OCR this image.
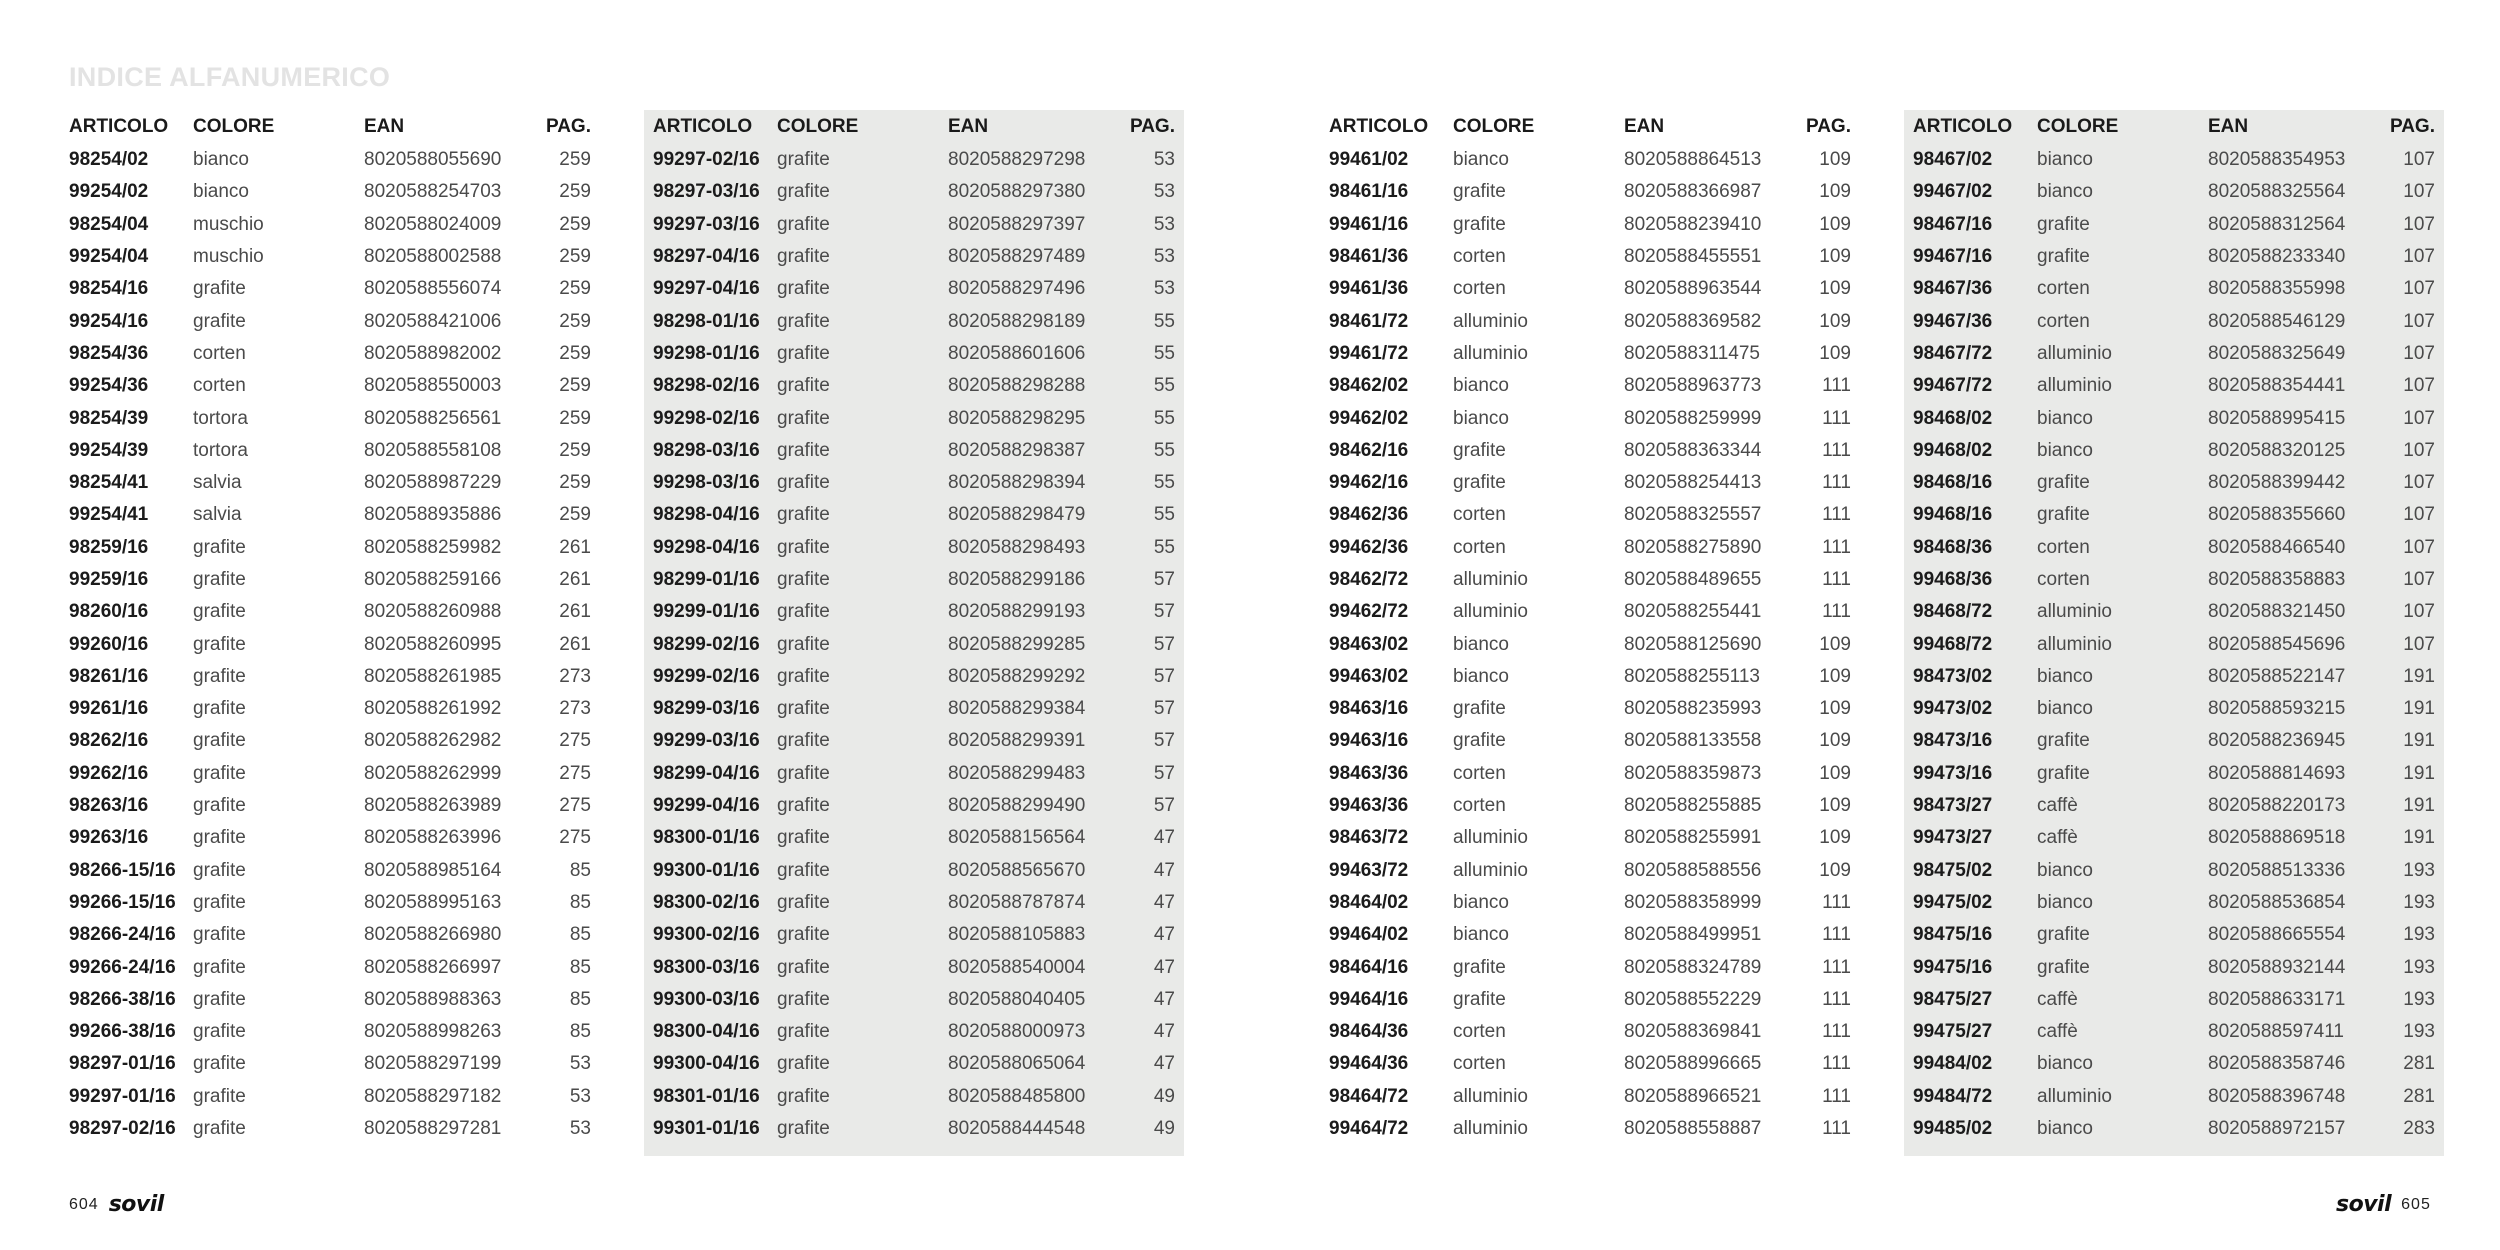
INDICE ALFANUMERICO
ARTICOLO	COLORE	EAN	PAG.
98254/02	bianco	8020588055690	259
99254/02	bianco	8020588254703	259
98254/04	muschio	8020588024009	259
99254/04	muschio	8020588002588	259
98254/16	grafite	8020588556074	259
99254/16	grafite	8020588421006	259
98254/36	corten	8020588982002	259
99254/36	corten	8020588550003	259
98254/39	tortora	8020588256561	259
99254/39	tortora	8020588558108	259
98254/41	salvia	8020588987229	259
99254/41	salvia	8020588935886	259
98259/16	grafite	8020588259982	261
99259/16	grafite	8020588259166	261
98260/16	grafite	8020588260988	261
99260/16	grafite	8020588260995	261
98261/16	grafite	8020588261985	273
99261/16	grafite	8020588261992	273
98262/16	grafite	8020588262982	275
99262/16	grafite	8020588262999	275
98263/16	grafite	8020588263989	275
99263/16	grafite	8020588263996	275
98266-15/16 grafite	8020588985164	85
99266-15/16 grafite	8020588995163	85
98266-24/16 grafite	8020588266980	85
99266-24/16 grafite	8020588266997	85
98266-38/16 grafite	8020588988363	85
99266-38/16 grafite	8020588998263	85
98297-01/16 grafite	8020588297199	53
99297-01/16 grafite	8020588297182	53
98297-02/16 grafite	8020588297281	53
ARTICOLO	COLORE	EAN	PAG.
99297-02/16 grafite	8020588297298	53
98297-03/16 grafite	8020588297380	53
99297-03/16 grafite	8020588297397	53
98297-04/16 grafite	8020588297489	53
99297-04/16 grafite	8020588297496	53
98298-01/16 grafite	8020588298189	55
99298-01/16 grafite	8020588601606	55
98298-02/16 grafite	8020588298288	55
99298-02/16 grafite	8020588298295	55
98298-03/16 grafite	8020588298387	55
99298-03/16 grafite	8020588298394	55
98298-04/16 grafite	8020588298479	55
99298-04/16 grafite	8020588298493	55
98299-01/16 grafite	8020588299186	57
99299-01/16 grafite	8020588299193	57
98299-02/16 grafite	8020588299285	57
99299-02/16 grafite	8020588299292	57
98299-03/16 grafite	8020588299384	57
99299-03/16 grafite	8020588299391	57
98299-04/16 grafite	8020588299483	57
99299-04/16 grafite	8020588299490	57
98300-01/16 grafite	8020588156564	47
99300-01/16 grafite	8020588565670	47
98300-02/16 grafite	8020588787874	47
99300-02/16 grafite	8020588105883	47
98300-03/16 grafite	8020588540004	47
99300-03/16 grafite	8020588040405	47
98300-04/16 grafite	8020588000973	47
99300-04/16 grafite	8020588065064	47
98301-01/16 grafite	8020588485800	49
99301-01/16 grafite	8020588444548	49
ARTICOLO	COLORE	EAN	PAG.
99461/02	bianco	8020588864513	109
98461/16	grafite	8020588366987	109
99461/16	grafite	8020588239410	109
98461/36	corten	8020588455551	109
99461/36	corten	8020588963544	109
98461/72	alluminio	8020588369582	109
99461/72	alluminio	8020588311475	109
98462/02	bianco	8020588963773	111
99462/02	bianco	8020588259999	111
98462/16	grafite	8020588363344	111
99462/16	grafite	8020588254413	111
98462/36	corten	8020588325557	111
99462/36	corten	8020588275890	111
98462/72	alluminio	8020588489655	111
99462/72	alluminio	8020588255441	111
98463/02	bianco	8020588125690	109
99463/02	bianco	8020588255113	109
98463/16	grafite	8020588235993	109
99463/16	grafite	8020588133558	109
98463/36	corten	8020588359873	109
99463/36	corten	8020588255885	109
98463/72	alluminio	8020588255991	109
99463/72	alluminio	8020588588556	109
98464/02	bianco	8020588358999	111
99464/02	bianco	8020588499951	111
98464/16	grafite	8020588324789	111
99464/16	grafite	8020588552229	111
98464/36	corten	8020588369841	111
99464/36	corten	8020588996665	111
98464/72	alluminio	8020588966521	111
99464/72	alluminio	8020588558887	111
ARTICOLO	COLORE	EAN	PAG.
98467/02	bianco	8020588354953	107
99467/02	bianco	8020588325564	107
98467/16	grafite	8020588312564	107
99467/16	grafite	8020588233340	107
98467/36	corten	8020588355998	107
99467/36	corten	8020588546129	107
98467/72	alluminio	8020588325649	107
99467/72	alluminio	8020588354441	107
98468/02	bianco	8020588995415	107
99468/02	bianco	8020588320125	107
98468/16	grafite	8020588399442	107
99468/16	grafite	8020588355660	107
98468/36	corten	8020588466540	107
99468/36	corten	8020588358883	107
98468/72	alluminio	8020588321450	107
99468/72	alluminio	8020588545696	107
98473/02	bianco	8020588522147	191
99473/02	bianco	8020588593215	191
98473/16	grafite	8020588236945	191
99473/16	grafite	8020588814693	191
98473/27	caffè	8020588220173	191
99473/27	caffè	8020588869518	191
98475/02	bianco	8020588513336	193
99475/02	bianco	8020588536854	193
98475/16	grafite	8020588665554	193
99475/16	grafite	8020588932144	193
98475/27	caffè	8020588633171	193
99475/27	caffè	8020588597411	193
99484/02	bianco	8020588358746	281
99484/72	alluminio	8020588396748	281
99485/02	bianco	8020588972157	283
604 sovil	sovil 605
